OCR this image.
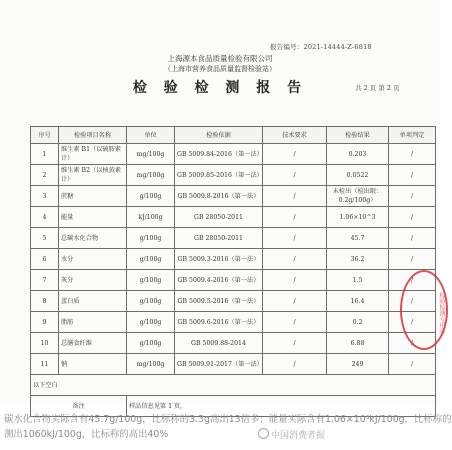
报告编号：2021-14444-Z-6818
上海源本食品质量检验有限公司
（上海市营养食品质量监督检验站）
检 验 检 测 报 告	共 2 页 第 2 页
序号	检验项目名称	单位	检验依据	技术要求	检验结果	单项判定
1	维生素 B1（以硫胺素计）	mg/100g	GB 5009.84-2016（第一法）	/	0.203	/
2	维生素 B2（以核黄素计）	mg/100g	GB 5009.85-2016（第一法）	/	0.0522	/
3	蔗糖	g/100g	GB 5009.8-2016（第一法）	/	未检出（检出限：0.2g/100g）	/
4	能量	kJ/100g	GB 28050-2011	/	1.06×10^3	/
5	总碳水化合物	g/100g	GB 28050-2011	/	45.7	/
6	水分	g/100g	GB 5009.3-2016（第一法）	/	36.2	/
7	灰分	g/100g	GB 5009.4-2016（第一法）	/	1.5	/
8	蛋白质	g/100g	GB 5009.5-2016（第一法）	/	16.4	/
9	脂肪	g/100g	GB 5009.6-2016（第一法）	/	0.2	/
10	总膳食纤维	g/100g	GB 5009.88-2014	/	6.88	/
11	钠	mg/100g	GB 5009.91-2017（第一法）	/	249	/
以下空白						
备注		样品信息见第 1 页。				
检验检测专用章
碳水化合物实际含有45.7g/100g，比标称的3.3g高出13倍多；能量实际含有1.06×10³kJ/100g，比标称的
测出1060kJ/100g，比标称的高出40%	中国消费者报
